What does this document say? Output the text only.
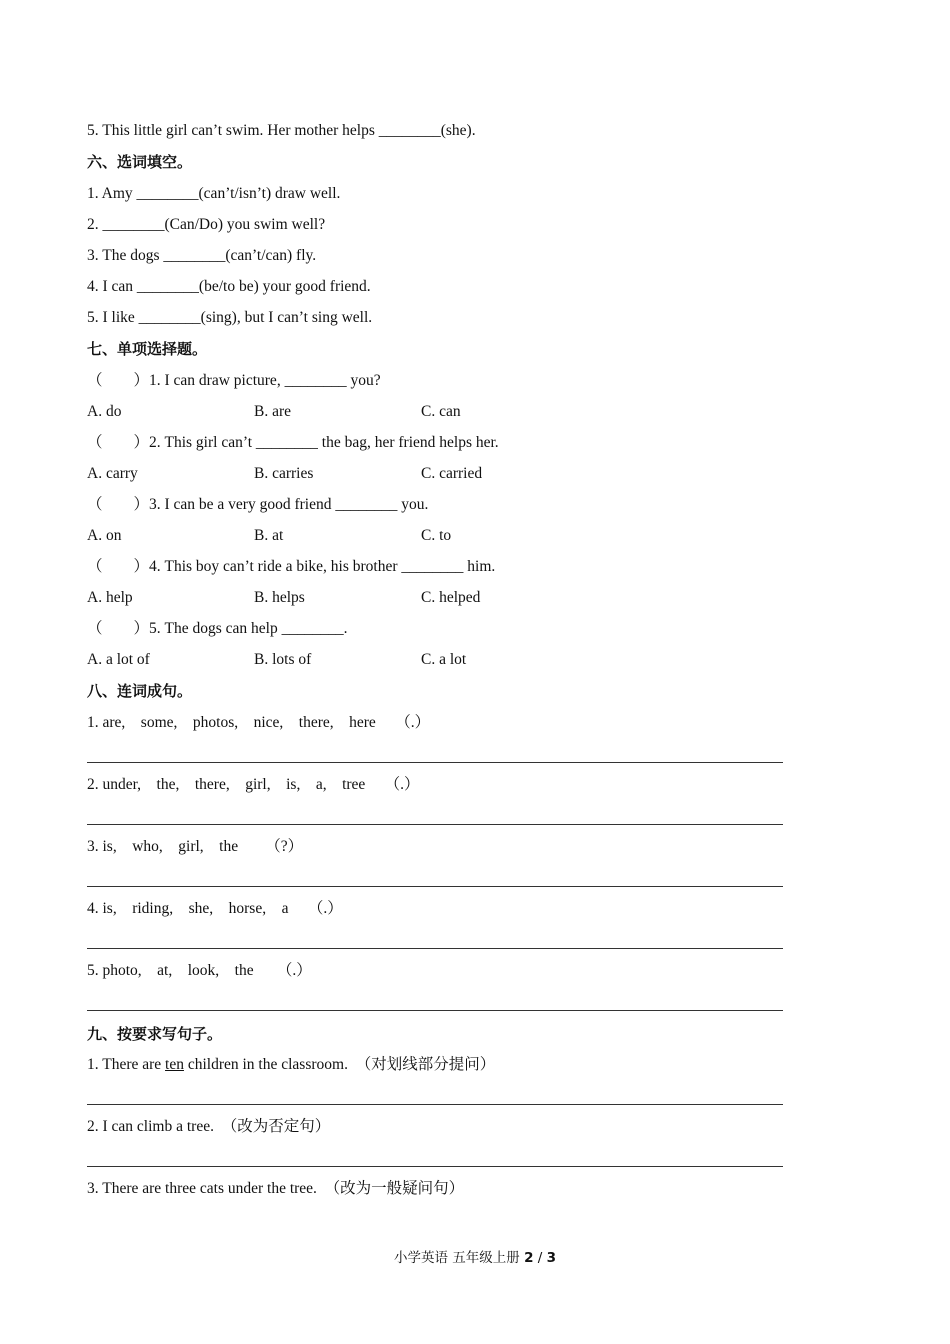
5. This little girl can’t swim. Her mother helps ________(she).
六、选词填空。
1. Amy ________(can’t/isn’t) draw well.
2. ________(Can/Do) you swim well?
3. The dogs ________(can’t/can) fly.
4. I can ________(be/to be) your good friend.
5. I like ________(sing), but I can’t sing well.
七、单项选择题。
（　　）1. I can draw picture, ________ you?
A. do	B. are	C. can
（　　）2. This girl can’t ________ the bag, her friend helps her.
A. carry	B. carries	C. carried
（　　）3. I can be a very good friend ________ you.
A. on	B. at	C. to
（　　）4. This boy can’t ride a bike, his brother ________ him.
A. help	B. helps	C. helped
（　　）5. The dogs can help ________.
A. a lot of	B. lots of	C. a lot
八、连词成句。
1. are,    some,    photos,    nice,    there,    here     （.）
2. under,    the,    there,    girl,    is,    a,    tree     （.）
3. is,    who,    girl,    the       （?）
4. is,    riding,    she,    horse,    a     （.）
5. photo,    at,    look,    the      （.）
九、按要求写句子。
1. There are ten children in the classroom.  （对划线部分提问）
2. I can climb a tree.  （改为否定句）
3. There are three cats under the tree.  （改为一般疑问句）
小学英语 五年级上册 2 / 3
